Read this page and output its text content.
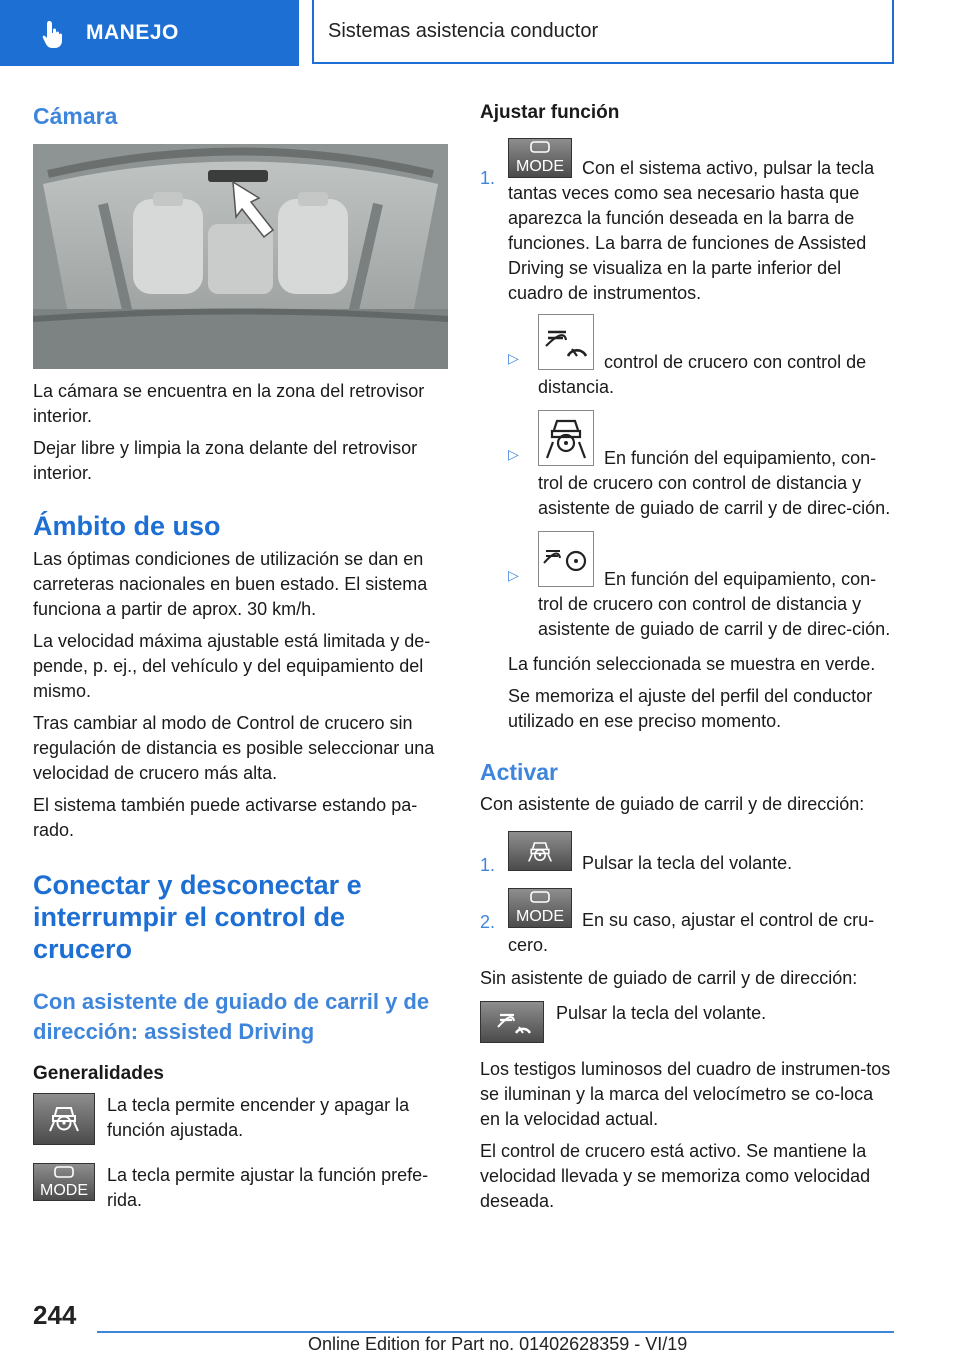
MANEJO	Sistemas asistencia conductor
Cámara

La cámara se encuentra en la zona del retrovisor interior.

Dejar libre y limpia la zona delante del retrovisor interior.

Ámbito de uso

Las óptimas condiciones de utilización se dan en carreteras nacionales en buen estado. El sistema funciona a partir de aprox. 30 km/h.

La velocidad máxima ajustable está limitada y de-pende, p. ej., del vehículo y del equipamiento del mismo.

Tras cambiar al modo de Control de crucero sin regulación de distancia es posible seleccionar una velocidad de crucero más alta.

El sistema también puede activarse estando pa-rado.

Conectar y desconectar e interrumpir el control de crucero
Con asistente de guiado de carril y de dirección: assisted Driving
Generalidades
La tecla permite encender y apagar la función ajustada.
MODE
La tecla permite ajustar la función prefe-rida.
Ajustar función
1.
MODE	Con el sistema activo, pulsar la tecla tantas veces como sea necesario hasta que aparezca la función deseada en la barra de funciones. La barra de funciones de Assisted Driving se visualiza en la parte inferior del cuadro de instrumentos.
▷	control de crucero con control de distancia.
▷	En función del equipamiento, con-trol de crucero con control de distancia y asistente de guiado de carril y de direc-ción.
▷	En función del equipamiento, con-trol de crucero con control de distancia y asistente de guiado de carril y de direc-ción.

La función seleccionada se muestra en verde.

Se memoriza el ajuste del perfil del conductor utilizado en ese preciso momento.

Activar

Con asistente de guiado de carril y de dirección:

1.	Pulsar la tecla del volante.
2.	MODE	En su caso, ajustar el control de cru-cero.

Sin asistente de guiado de carril y de dirección:

Pulsar la tecla del volante.

Los testigos luminosos del cuadro de instrumen-tos se iluminan y la marca del velocímetro se co-loca en la velocidad actual.

El control de crucero está activo. Se mantiene la velocidad llevada y se memoriza como velocidad deseada.

244
Online Edition for Part no. 01402628359 - VI/19
